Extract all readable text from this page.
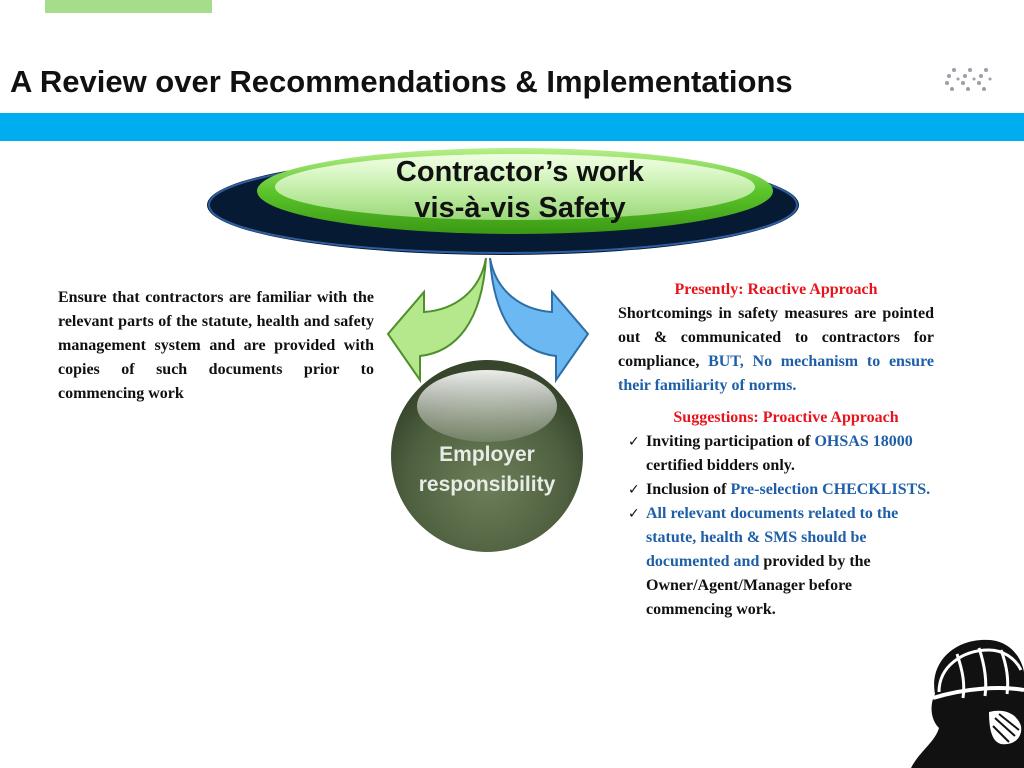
A Review over Recommendations & Implementations
Contractor’s work
vis-à-vis Safety
Employer
responsibility
Ensure that contractors are familiar with the relevant parts of the statute, health and safety management system and are provided with copies of such documents prior to commencing work
Presently: Reactive Approach

Shortcomings in safety measures are pointed out & communicated to contractors for compliance, BUT, No mechanism to ensure their familiarity of norms.

Suggestions: Proactive Approach
✓ Inviting participation of OHSAS 18000 certified bidders only.
✓ Inclusion of Pre-selection CHECKLISTS.
✓ All relevant documents related to the statute, health & SMS should be documented and provided by the Owner/Agent/Manager before commencing work.
